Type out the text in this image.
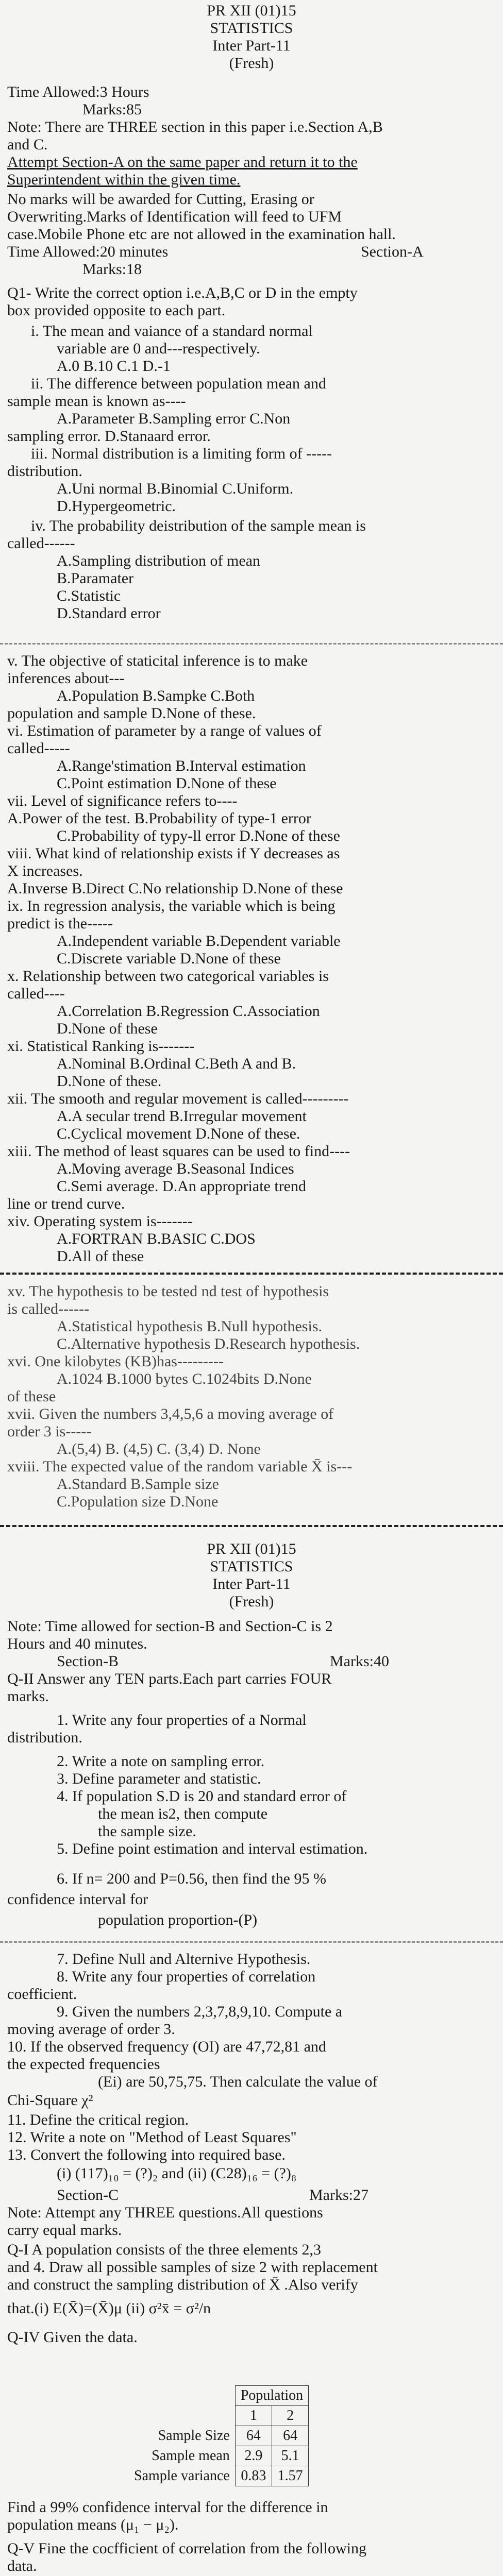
PR XII (01)15
STATISTICS
Inter Part-11
(Fresh)
Time Allowed:3 Hours
Marks:85
Note: There are THREE section in this paper i.e.Section A,B
and C.
Attempt Section-A on the same paper and return it to the
Superintendent within the given time.
No marks will be awarded for Cutting, Erasing or
Overwriting.Marks of Identification will feed to UFM
case.Mobile Phone etc are not allowed in the examination hall.
Time Allowed:20 minutes	Section-A
Marks:18
Q1- Write the correct option i.e.A,B,C or D in the empty
box provided opposite to each part.
i. The mean and vaiance of a standard normal
variable are 0 and---respectively.
A.0 B.10 C.1 D.-1
ii. The difference between population mean and
sample mean is known as----
A.Parameter B.Sampling error C.Non
sampling error. D.Stanaard error.
iii. Normal distribution is a limiting form of -----
distribution.
A.Uni normal B.Binomial C.Uniform.
D.Hypergeometric.
iv. The probability deistribution of the sample mean is
called------
A.Sampling distribution of mean
B.Paramater
C.Statistic
D.Standard error
v. The objective of staticital inference is to make
inferences about---
A.Population B.Sampke C.Both
population and sample D.None of these.
vi. Estimation of parameter by a range of values of
called-----
A.Range'stimation B.Interval estimation
C.Point estimation D.None of these
vii. Level of significance refers to----
A.Power of the test. B.Probability of type-1 error
C.Probability of typy-ll error D.None of these
viii. What kind of relationship exists if Y decreases as
X increases.
A.Inverse B.Direct C.No relationship D.None of these
ix. In regression analysis, the variable which is being
predict is the-----
A.Independent variable B.Dependent variable
C.Discrete variable D.None of these
x. Relationship between two categorical variables is
called----
A.Correlation B.Regression C.Association
D.None of these
xi. Statistical Ranking is-------
A.Nominal B.Ordinal C.Beth A and B.
D.None of these.
xii. The smooth and regular movement is called---------
A.A secular trend B.Irregular movement
C.Cyclical movement D.None of these.
xiii. The method of least squares can be used to find----
A.Moving average B.Seasonal Indices
C.Semi average. D.An appropriate trend
line or trend curve.
xiv. Operating system is-------
A.FORTRAN B.BASIC C.DOS
D.All of these
xv. The hypothesis to be tested nd test of hypothesis
is called------
A.Statistical hypothesis B.Null hypothesis.
C.Alternative hypothesis D.Research hypothesis.
xvi. One kilobytes (KB)has---------
A.1024 B.1000 bytes C.1024bits D.None
of these
xvii. Given the numbers 3,4,5,6 a moving average of
order 3 is-----
A.(5,4) B. (4,5) C. (3,4) D. None
xviii. The expected value of the random variable X̄ is---
A.Standard B.Sample size
C.Population size D.None
PR XII (01)15
STATISTICS
Inter Part-11
(Fresh)
Note: Time allowed for section-B and Section-C is 2
Hours and 40 minutes.
Section-B	Marks:40
Q-II Answer any TEN parts.Each part carries FOUR
marks.
1. Write any four properties of a Normal
distribution.
2. Write a note on sampling error.
3. Define parameter and statistic.
4. If population S.D is 20 and standard error of
the mean is2, then compute
the sample size.
5. Define point estimation and interval estimation.
6. If n= 200 and P=0.56, then find the 95 %
confidence interval for
population proportion-(P)
7. Define Null and Alternive Hypothesis.
8. Write any four properties of correlation
coefficient.
9. Given the numbers 2,3,7,8,9,10. Compute a
moving average of order 3.
10. If the observed frequency (OI) are 47,72,81 and
the expected frequencies
(Ei) are 50,75,75. Then calculate the value of
Chi-Square χ²
11. Define the critical region.
12. Write a note on "Method of Least Squares"
13. Convert the following into required base.
(i) (117)₁₀ = (?)₂ and (ii) (C28)₁₆ = (?)₈
Section-C	Marks:27
Note: Attempt any THREE questions.All questions
carry equal marks.
Q-I A population consists of the three elements 2,3
and 4. Draw all possible samples of size 2 with replacement
and construct the sampling distribution of X̄ .Also verify
that.(i) E(X̄)=(X̄)μ (ii) σ²x̄ = σ²/n
Q-IV Given the data.
	Population	
	1	2
Sample Size	64	64
Sample mean	2.9	5.1
Sample variance	0.83	1.57
Find a 99% confidence interval for the difference in
population means (μ₁ − μ₂).
Q-V Fine the cocfficient of correlation from the following
data.
